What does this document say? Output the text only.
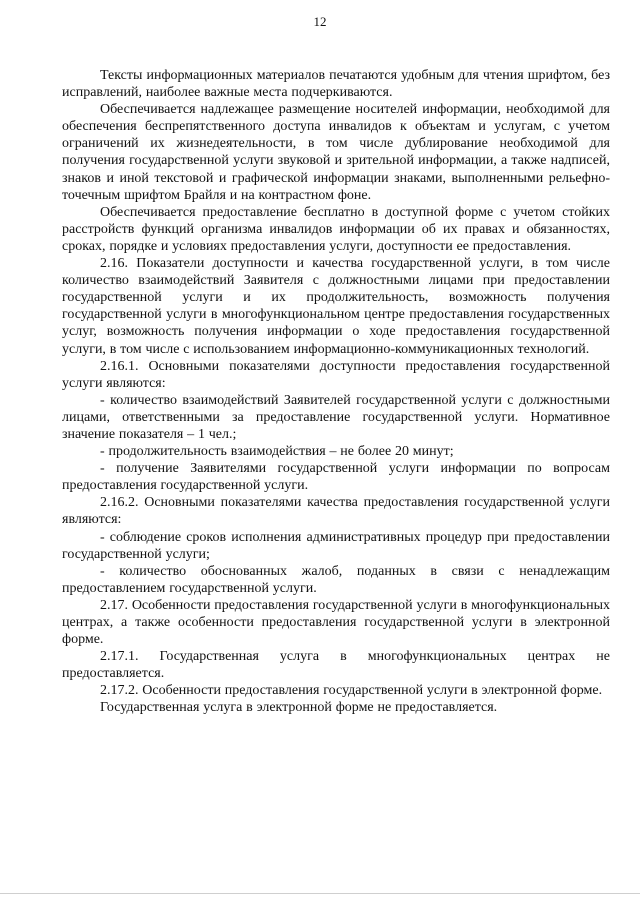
12

Тексты информационных материалов печатаются удобным для чтения шрифтом, без исправлений, наиболее важные места подчеркиваются.

Обеспечивается надлежащее размещение носителей информации, необходимой для обеспечения беспрепятственного доступа инвалидов к объектам и услугам, с учетом ограничений их жизнедеятельности, в том числе дублирование необходимой для получения государственной услуги звуковой и зрительной информации, а также надписей, знаков и иной текстовой и графической информации знаками, выполненными рельефно-точечным шрифтом Брайля и на контрастном фоне.

Обеспечивается предоставление бесплатно в доступной форме с учетом стойких расстройств функций организма инвалидов информации об их правах и обязанностях, сроках, порядке и условиях предоставления услуги, доступности ее предоставления.

2.16. Показатели доступности и качества государственной услуги, в том числе количество взаимодействий Заявителя с должностными лицами при предоставлении государственной услуги и их продолжительность, возможность получения государственной услуги в многофункциональном центре предоставления государственных услуг, возможность получения информации о ходе предоставления государственной услуги, в том числе с использованием информационно-коммуникационных технологий.

2.16.1. Основными показателями доступности предоставления государственной услуги являются:

- количество взаимодействий Заявителей государственной услуги с должностными лицами, ответственными за предоставление государственной услуги. Нормативное значение показателя – 1 чел.;

- продолжительность взаимодействия – не более 20 минут;

- получение Заявителями государственной услуги информации по вопросам предоставления государственной услуги.

2.16.2. Основными показателями качества предоставления государственной услуги являются:

- соблюдение сроков исполнения административных процедур при предоставлении государственной услуги;

- количество обоснованных жалоб, поданных в связи с ненадлежащим предоставлением государственной услуги.

2.17. Особенности предоставления государственной услуги в многофункциональных центрах, а также особенности предоставления государственной услуги в электронной форме.

2.17.1. Государственная услуга в многофункциональных центрах не предоставляется.

2.17.2. Особенности предоставления государственной услуги в электронной форме.

Государственная услуга в электронной форме не предоставляется.
